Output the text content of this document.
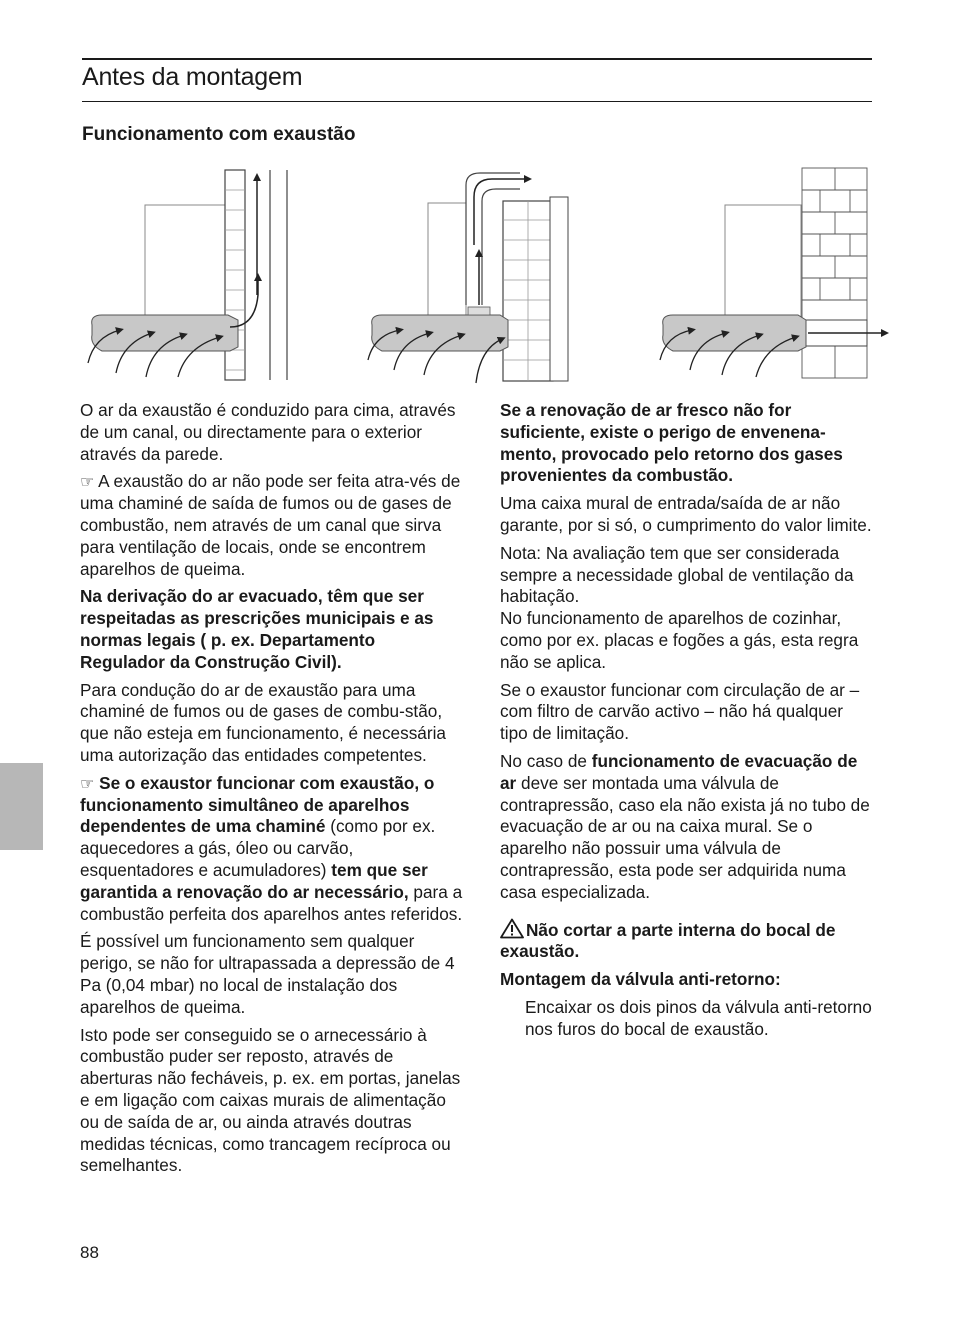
Antes da montagem
Funcionamento com exaustão

O ar da exaustão é conduzido para cima, através de um canal, ou directamente para o exterior através da parede.

☞ A exaustão do ar não pode ser feita atra-vés de uma chaminé de saída de fumos ou de gases de combustão, nem através de um canal que sirva para ventilação de locais, onde se encontrem aparelhos de queima.

Na derivação do ar evacuado, têm que ser respeitadas as prescrições municipais e as normas legais ( p. ex. Departamento Regulador da Construção Civil).

Para condução do ar de exaustão para uma chaminé de fumos ou de gases de combu-stão, que não esteja em funcionamento, é necessária uma autorização das entidades competentes.

☞ Se o exaustor funcionar com exaustão, o funcionamento simultâneo de aparelhos dependentes de uma chaminé (como por ex. aquecedores a gás, óleo ou carvão, esquentadores e acumuladores) tem que ser garantida a renovação do ar necessário, para a combustão perfeita dos aparelhos antes referidos.

É possível um funcionamento sem qualquer perigo, se não for ultrapassada a depressão de 4 Pa (0,04 mbar) no local de instalação dos aparelhos de queima.

Isto pode ser conseguido se o arnecessário à combustão puder ser reposto, através de aberturas não fecháveis, p. ex. em portas, janelas e em ligação com caixas murais de alimentação ou de saída de ar, ou ainda através doutras medidas técnicas, como trancagem recíproca ou semelhantes.

Se a renovação de ar fresco não for suficiente, existe o perigo de envenena-mento, provocado pelo retorno dos gases provenientes da combustão.

Uma caixa mural de entrada/saída de ar não garante, por si só, o cumprimento do valor limite.

Nota: Na avaliação tem que ser considerada sempre a necessidade global de ventilação da habitação.
No funcionamento de aparelhos de cozinhar, como por ex. placas e fogões a gás, esta regra não se aplica.

Se o exaustor funcionar com circulação de ar – com filtro de carvão activo – não há qualquer tipo de limitação.

No caso de funcionamento de evacuação de ar deve ser montada uma válvula de contrapressão, caso ela não exista já no tubo de evacuação de ar ou na caixa mural. Se o aparelho não possuir uma válvula de contrapressão, esta pode ser adquirida numa casa especializada.

Não cortar a parte interna do bocal de exaustão.

Montagem da válvula anti-retorno:

Encaixar os dois pinos da válvula anti-retorno nos furos do bocal de exaustão.

88
